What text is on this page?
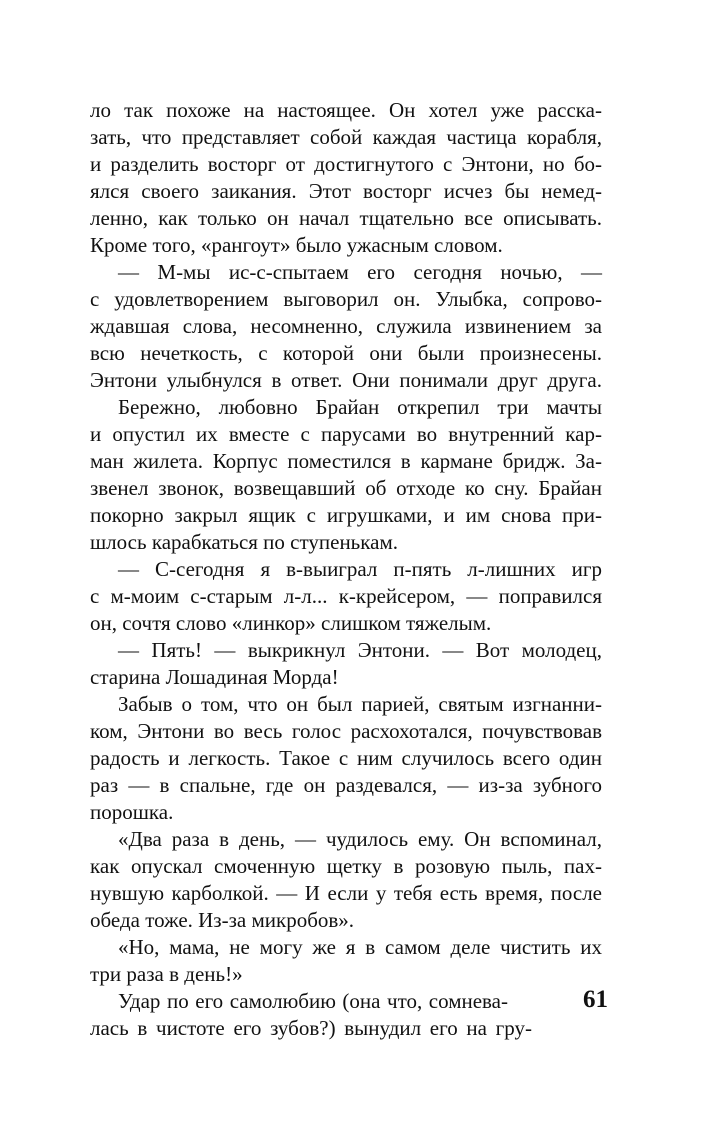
ло так похоже на настоящее. Он хотел уже расска-
зать, что представляет собой каждая частица корабля,
и разделить восторг от достигнутого с Энтони, но бо-
ялся своего заикания. Этот восторг исчез бы немед-
ленно, как только он начал тщательно все описывать.
Кроме того, «рангоут» было ужасным словом.
— М-мы ис-с-спытаем его сегодня ночью, —
с удовлетворением выговорил он. Улыбка, сопрово-
ждавшая слова, несомненно, служила извинением за
всю нечеткость, с которой они были произнесены.
Энтони улыбнулся в ответ. Они понимали друг друга.
Бережно, любовно Брайан открепил три мачты
и опустил их вместе с парусами во внутренний кар-
ман жилета. Корпус поместился в кармане бридж. За-
звенел звонок, возвещавший об отходе ко сну. Брайан
покорно закрыл ящик с игрушками, и им снова при-
шлось карабкаться по ступенькам.
— С-сегодня я в-выиграл п-пять л-лишних игр
с м-моим с-старым л-л... к-крейсером, — поправился
он, сочтя слово «линкор» слишком тяжелым.
— Пять! — выкрикнул Энтони. — Вот молодец,
старина Лошадиная Морда!
Забыв о том, что он был парией, святым изгнанни-
ком, Энтони во весь голос расхохотался, почувствовав
радость и легкость. Такое с ним случилось всего один
раз — в спальне, где он раздевался, — из-за зубного
порошка.
«Два раза в день, — чудилось ему. Он вспоминал,
как опускал смоченную щетку в розовую пыль, пах-
нувшую карболкой. — И если у тебя есть время, после
обеда тоже. Из-за микробов».
«Но, мама, не могу же я в самом деле чистить их
три раза в день!»
Удар по его самолюбию (она что, сомнева-
лась в чистоте его зубов?) вынудил его на гру-
61
